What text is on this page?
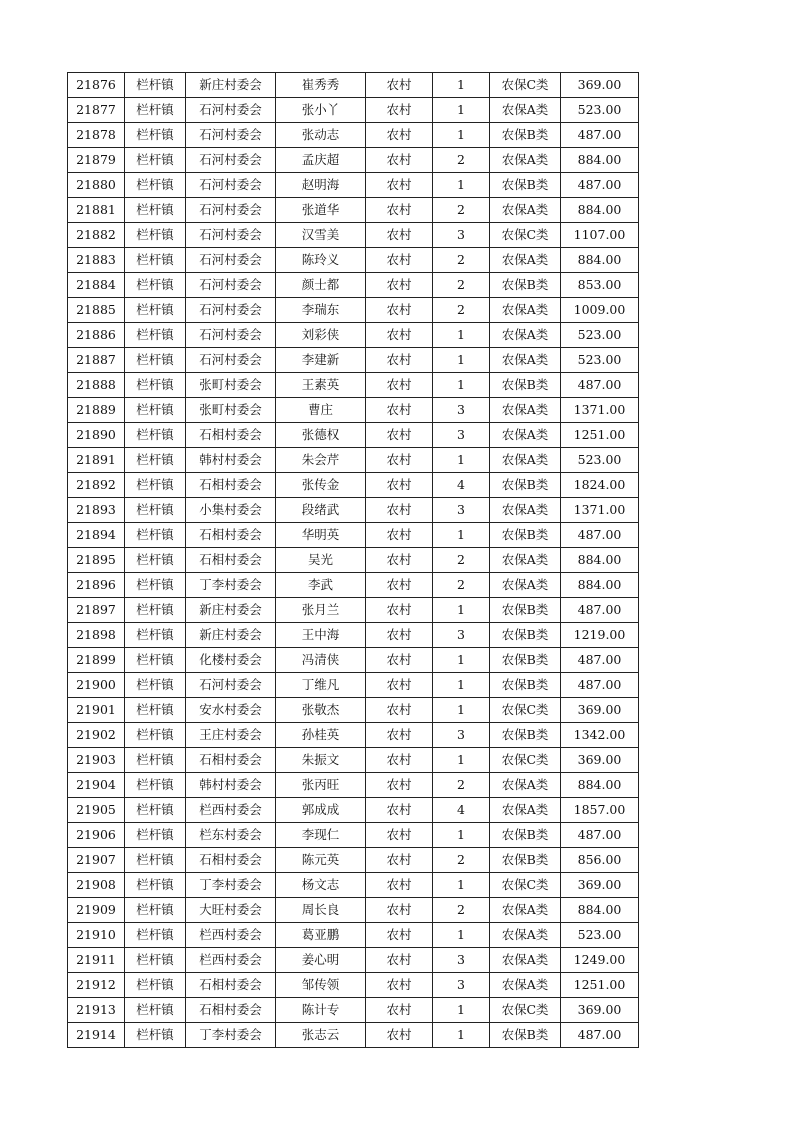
21876	栏杆镇	新庄村委会	崔秀秀	农村	1	农保C类	369.00
21877	栏杆镇	石河村委会	张小丫	农村	1	农保A类	523.00
21878	栏杆镇	石河村委会	张动志	农村	1	农保B类	487.00
21879	栏杆镇	石河村委会	孟庆超	农村	2	农保A类	884.00
21880	栏杆镇	石河村委会	赵明海	农村	1	农保B类	487.00
21881	栏杆镇	石河村委会	张道华	农村	2	农保A类	884.00
21882	栏杆镇	石河村委会	汉雪美	农村	3	农保C类	1107.00
21883	栏杆镇	石河村委会	陈玲义	农村	2	农保A类	884.00
21884	栏杆镇	石河村委会	颜士都	农村	2	农保B类	853.00
21885	栏杆镇	石河村委会	李瑞东	农村	2	农保A类	1009.00
21886	栏杆镇	石河村委会	刘彩侠	农村	1	农保A类	523.00
21887	栏杆镇	石河村委会	李建新	农村	1	农保A类	523.00
21888	栏杆镇	张町村委会	王素英	农村	1	农保B类	487.00
21889	栏杆镇	张町村委会	曹庄	农村	3	农保A类	1371.00
21890	栏杆镇	石相村委会	张德权	农村	3	农保A类	1251.00
21891	栏杆镇	韩村村委会	朱会芹	农村	1	农保A类	523.00
21892	栏杆镇	石相村委会	张传金	农村	4	农保B类	1824.00
21893	栏杆镇	小集村委会	段绪武	农村	3	农保A类	1371.00
21894	栏杆镇	石相村委会	华明英	农村	1	农保B类	487.00
21895	栏杆镇	石相村委会	吴光	农村	2	农保A类	884.00
21896	栏杆镇	丁李村委会	李武	农村	2	农保A类	884.00
21897	栏杆镇	新庄村委会	张月兰	农村	1	农保B类	487.00
21898	栏杆镇	新庄村委会	王中海	农村	3	农保B类	1219.00
21899	栏杆镇	化楼村委会	冯清侠	农村	1	农保B类	487.00
21900	栏杆镇	石河村委会	丁维凡	农村	1	农保B类	487.00
21901	栏杆镇	安水村委会	张敬杰	农村	1	农保C类	369.00
21902	栏杆镇	王庄村委会	孙桂英	农村	3	农保B类	1342.00
21903	栏杆镇	石相村委会	朱振文	农村	1	农保C类	369.00
21904	栏杆镇	韩村村委会	张丙旺	农村	2	农保A类	884.00
21905	栏杆镇	栏西村委会	郭成成	农村	4	农保A类	1857.00
21906	栏杆镇	栏东村委会	李现仁	农村	1	农保B类	487.00
21907	栏杆镇	石相村委会	陈元英	农村	2	农保B类	856.00
21908	栏杆镇	丁李村委会	杨文志	农村	1	农保C类	369.00
21909	栏杆镇	大旺村委会	周长良	农村	2	农保A类	884.00
21910	栏杆镇	栏西村委会	葛亚鹏	农村	1	农保A类	523.00
21911	栏杆镇	栏西村委会	姜心明	农村	3	农保A类	1249.00
21912	栏杆镇	石相村委会	邹传领	农村	3	农保A类	1251.00
21913	栏杆镇	石相村委会	陈计专	农村	1	农保C类	369.00
21914	栏杆镇	丁李村委会	张志云	农村	1	农保B类	487.00
